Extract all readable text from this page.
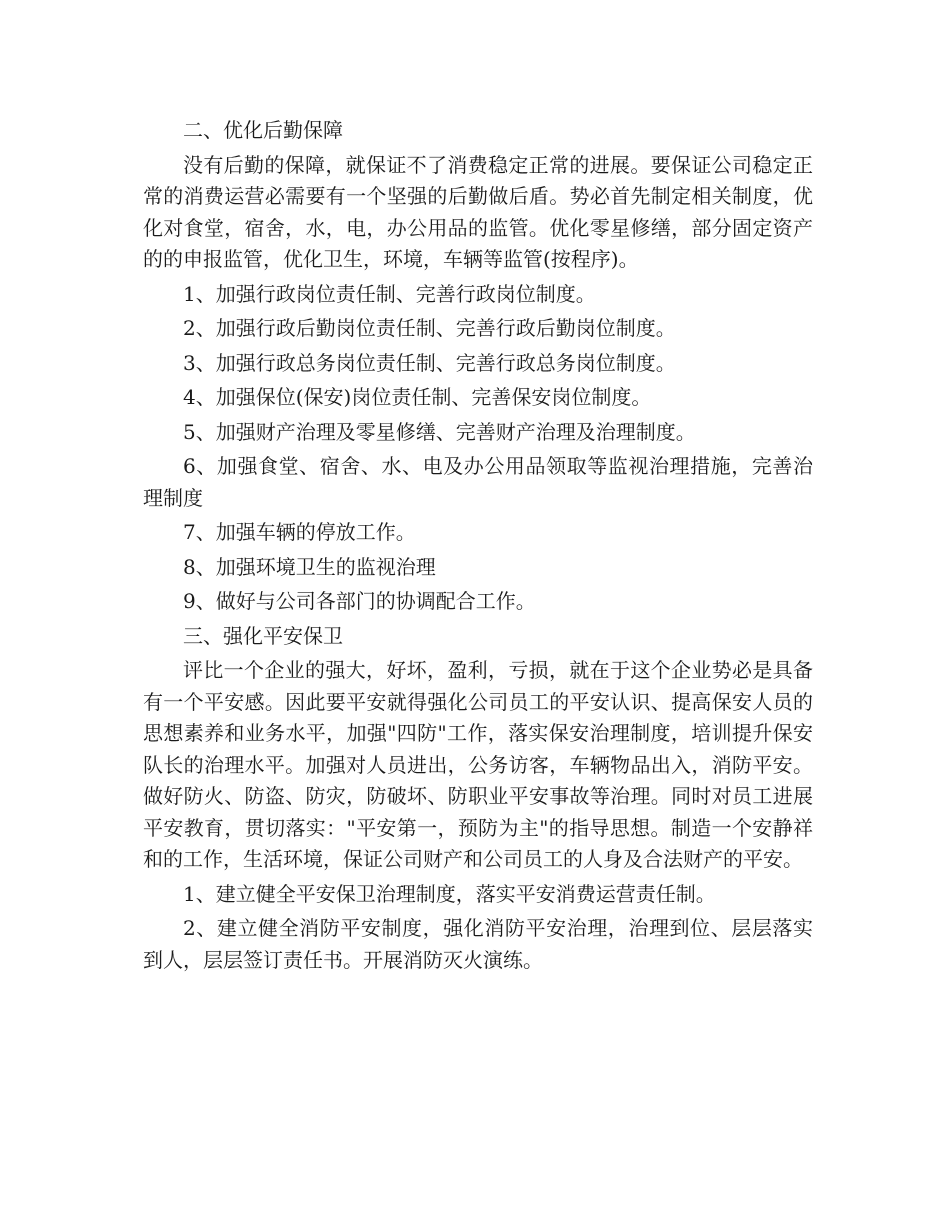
二、优化后勤保障

没有后勤的保障，就保证不了消费稳定正常的进展。要保证公司稳定正常的消费运营必需要有一个坚强的后勤做后盾。势必首先制定相关制度，优化对食堂，宿舍，水，电，办公用品的监管。优化零星修缮，部分固定资产的的申报监管，优化卫生，环境，车辆等监管(按程序)。

1、加强行政岗位责任制、完善行政岗位制度。

2、加强行政后勤岗位责任制、完善行政后勤岗位制度。

3、加强行政总务岗位责任制、完善行政总务岗位制度。

4、加强保位(保安)岗位责任制、完善保安岗位制度。

5、加强财产治理及零星修缮、完善财产治理及治理制度。

6、加强食堂、宿舍、水、电及办公用品领取等监视治理措施，完善治理制度

7、加强车辆的停放工作。

8、加强环境卫生的监视治理

9、做好与公司各部门的协调配合工作。

三、强化平安保卫

评比一个企业的强大，好坏，盈利，亏损，就在于这个企业势必是具备有一个平安感。因此要平安就得强化公司员工的平安认识、提高保安人员的思想素养和业务水平，加强"四防"工作，落实保安治理制度，培训提升保安队长的治理水平。加强对人员进出，公务访客，车辆物品出入，消防平安。做好防火、防盗、防灾，防破坏、防职业平安事故等治理。同时对员工进展平安教育，贯切落实："平安第一，预防为主"的指导思想。制造一个安静祥和的工作，生活环境，保证公司财产和公司员工的人身及合法财产的平安。

1、建立健全平安保卫治理制度，落实平安消费运营责任制。

2、建立健全消防平安制度，强化消防平安治理，治理到位、层层落实到人，层层签订责任书。开展消防灭火演练。
